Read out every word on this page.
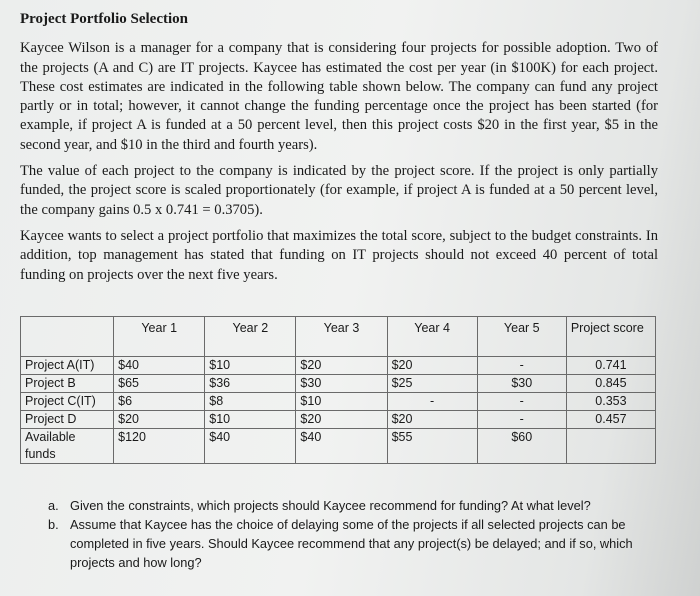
Project Portfolio Selection

Kaycee Wilson is a manager for a company that is considering four projects for possible adoption. Two of the projects (A and C) are IT projects. Kaycee has estimated the cost per year (in $100K) for each project. These cost estimates are indicated in the following table shown below. The company can fund any project partly or in total; however, it cannot change the funding percentage once the project has been started (for example, if project A is funded at a 50 percent level, then this project costs $20 in the first year, $5 in the second year, and $10 in the third and fourth years).

The value of each project to the company is indicated by the project score. If the project is only partially funded, the project score is scaled proportionately (for example, if project A is funded at a 50 percent level, the company gains 0.5 x 0.741 = 0.3705).

Kaycee wants to select a project portfolio that maximizes the total score, subject to the budget constraints. In addition, top management has stated that funding on IT projects should not exceed 40 percent of total funding on projects over the next five years.

	Year 1	Year 2	Year 3	Year 4	Year 5	Project score
Project A(IT)	$40	$10	$20	$20	-	0.741
Project B	$65	$36	$30	$25	$30	0.845
Project C(IT)	$6	$8	$10	-	-	0.353
Project D	$20	$10	$20	$20	-	0.457
Available funds	$120	$40	$40	$55	$60	
a. Given the constraints, which projects should Kaycee recommend for funding? At what level?
b. Assume that Kaycee has the choice of delaying some of the projects if all selected projects can be completed in five years. Should Kaycee recommend that any project(s) be delayed; and if so, which projects and how long?
